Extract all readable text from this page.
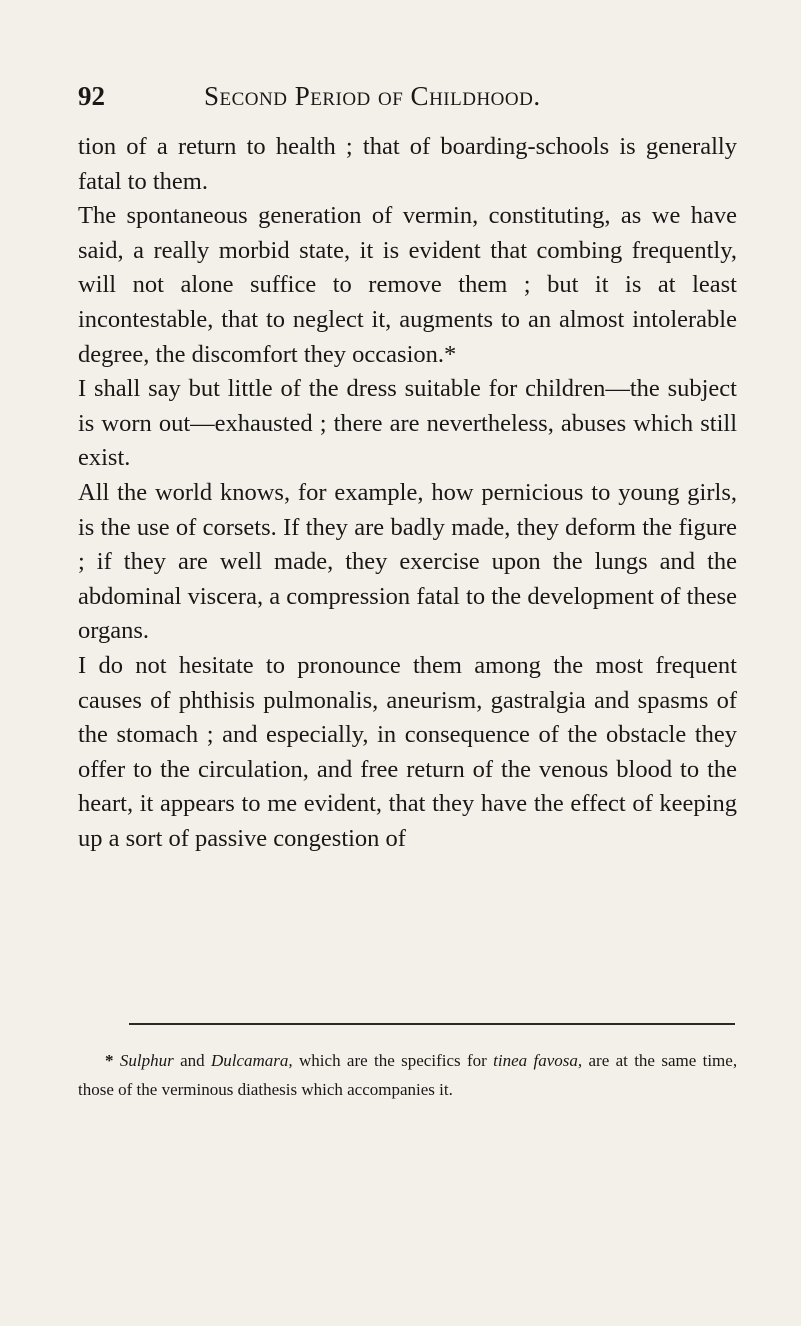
92	Second Period of Childhood.

tion of a return to health ; that of boarding-schools is generally fatal to them.

The spontaneous generation of vermin, constituting, as we have said, a really morbid state, it is evident that combing frequently, will not alone suffice to remove them ; but it is at least incontestable, that to neglect it, augments to an almost intolerable degree, the discomfort they occasion.*

I shall say but little of the dress suitable for children—the subject is worn out—exhausted ; there are nevertheless, abuses which still exist.

All the world knows, for example, how pernicious to young girls, is the use of corsets. If they are badly made, they deform the figure ; if they are well made, they exercise upon the lungs and the abdominal viscera, a compression fatal to the development of these organs.

I do not hesitate to pronounce them among the most frequent causes of phthisis pulmonalis, aneurism, gastralgia and spasms of the stomach ; and especially, in consequence of the obstacle they offer to the circulation, and free return of the venous blood to the heart, it appears to me evident, that they have the effect of keeping up a sort of passive congestion of

* Sulphur and Dulcamara, which are the specifics for tinea favosa, are at the same time, those of the verminous diathesis which accompanies it.
